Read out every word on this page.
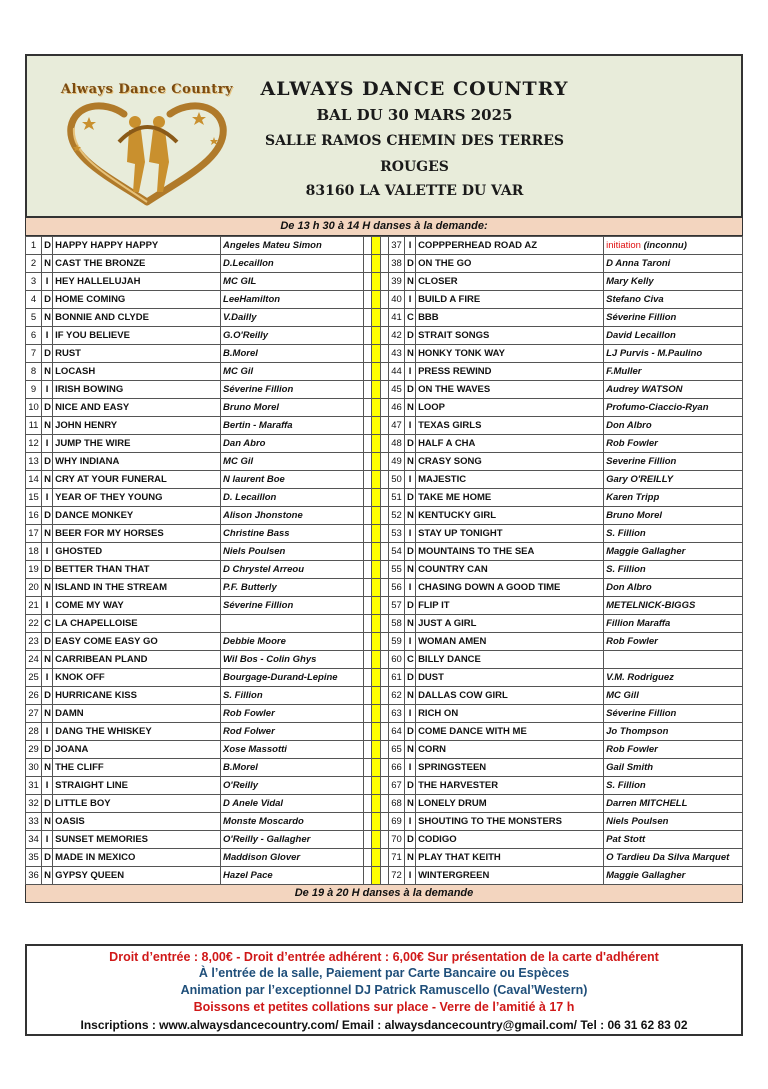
Always Dance Country	ALWAYS DANCE COUNTRY
BAL DU 30 MARS 2025
SALLE RAMOS CHEMIN DES TERRES ROUGES
83160 LA VALETTE DU VAR
De 13 h 30 à 14 H danses à la demande:
1	D	HAPPY HAPPY HAPPY	Angeles Mateu Simon				37	I	COPPPERHEAD ROAD AZ	initiation (inconnu)
2	N	CAST THE BRONZE	D.Lecaillon				38	D	ON THE GO	D Anna Taroni
3	I	HEY HALLELUJAH	MC GIL				39	N	CLOSER	Mary Kelly
4	D	HOME COMING	LeeHamilton				40	I	BUILD A FIRE	Stefano Civa
5	N	BONNIE AND CLYDE	V.Dailly				41	C	BBB	Séverine Fillion
6	I	IF YOU BELIEVE	G.O'Reilly				42	D	STRAIT SONGS	David Lecaillon
7	D	RUST	B.Morel				43	N	HONKY TONK WAY	LJ Purvis - M.Paulino
8	N	LOCASH	MC Gil				44	I	PRESS REWIND	F.Muller
9	I	IRISH BOWING	Séverine Fillion				45	D	ON THE WAVES	Audrey WATSON
10	D	NICE AND EASY	Bruno Morel				46	N	LOOP	Profumo-Ciaccio-Ryan
11	N	JOHN HENRY	Bertin - Maraffa				47	I	TEXAS GIRLS	Don Albro
12	I	JUMP THE WIRE	Dan Abro				48	D	HALF A CHA	Rob Fowler
13	D	WHY INDIANA	MC Gil				49	N	CRASY SONG	Severine Fillion
14	N	CRY AT YOUR FUNERAL	N laurent Boe				50	I	MAJESTIC	Gary O'REILLY
15	I	YEAR OF THEY YOUNG	D. Lecaillon				51	D	TAKE ME HOME	Karen Tripp
16	D	DANCE MONKEY	Alison Jhonstone				52	N	KENTUCKY GIRL	Bruno Morel
17	N	BEER FOR MY HORSES	Christine Bass				53	I	STAY UP TONIGHT	S. Fillion
18	I	GHOSTED	Niels Poulsen				54	D	MOUNTAINS TO THE SEA	Maggie Gallagher
19	D	BETTER THAN THAT	D Chrystel Arreou				55	N	COUNTRY CAN	S. Fillion
20	N	ISLAND IN THE STREAM	P.F. Butterly				56	I	CHASING DOWN A GOOD TIME	Don Albro
21	I	COME MY WAY	Séverine Fillion				57	D	FLIP IT	METELNICK-BIGGS
22	C	LA CHAPELLOISE					58	N	JUST A GIRL	Fillion Maraffa
23	D	EASY COME EASY GO	Debbie Moore				59	I	WOMAN AMEN	Rob Fowler
24	N	CARRIBEAN PLAND	Wil Bos - Colin Ghys				60	C	BILLY DANCE	
25	I	KNOK OFF	Bourgage-Durand-Lepine				61	D	DUST	V.M. Rodriguez
26	D	HURRICANE KISS	S. Fillion				62	N	DALLAS COW GIRL	MC Gill
27	N	DAMN	Rob Fowler				63	I	RICH ON	Séverine Fillion
28	I	DANG THE WHISKEY	Rod Folwer				64	D	COME DANCE WITH ME	Jo Thompson
29	D	JOANA	Xose Massotti				65	N	CORN	Rob Fowler
30	N	THE CLIFF	B.Morel				66	I	SPRINGSTEEN	Gail Smith
31	I	STRAIGHT LINE	O'Reilly				67	D	THE HARVESTER	S. Fillion
32	D	LITTLE BOY	D Anele Vidal				68	N	LONELY DRUM	Darren MITCHELL
33	N	OASIS	Monste Moscardo				69	I	SHOUTING TO THE MONSTERS	Niels Poulsen
34	I	SUNSET MEMORIES	O'Reilly - Gallagher				70	D	CODIGO	Pat Stott
35	D	MADE IN MEXICO	Maddison Glover				71	N	PLAY THAT KEITH	O Tardieu Da Silva Marquet
36	N	GYPSY QUEEN	Hazel Pace				72	I	WINTERGREEN	Maggie Gallagher
De 19 à 20 H danses à la demande
Droit d’entrée : 8,00€ - Droit d’entrée adhérent : 6,00€ Sur présentation de la carte d'adhérent
À l’entrée de la salle, Paiement par Carte Bancaire ou Espèces
Animation par l’exceptionnel DJ Patrick Ramuscello (Caval’Western)
Boissons et petites collations sur place - Verre de l’amitié à 17 h
Inscriptions : www.alwaysdancecountry.com/ Email : alwaysdancecountry@gmail.com/ Tel : 06 31 62 83 02
